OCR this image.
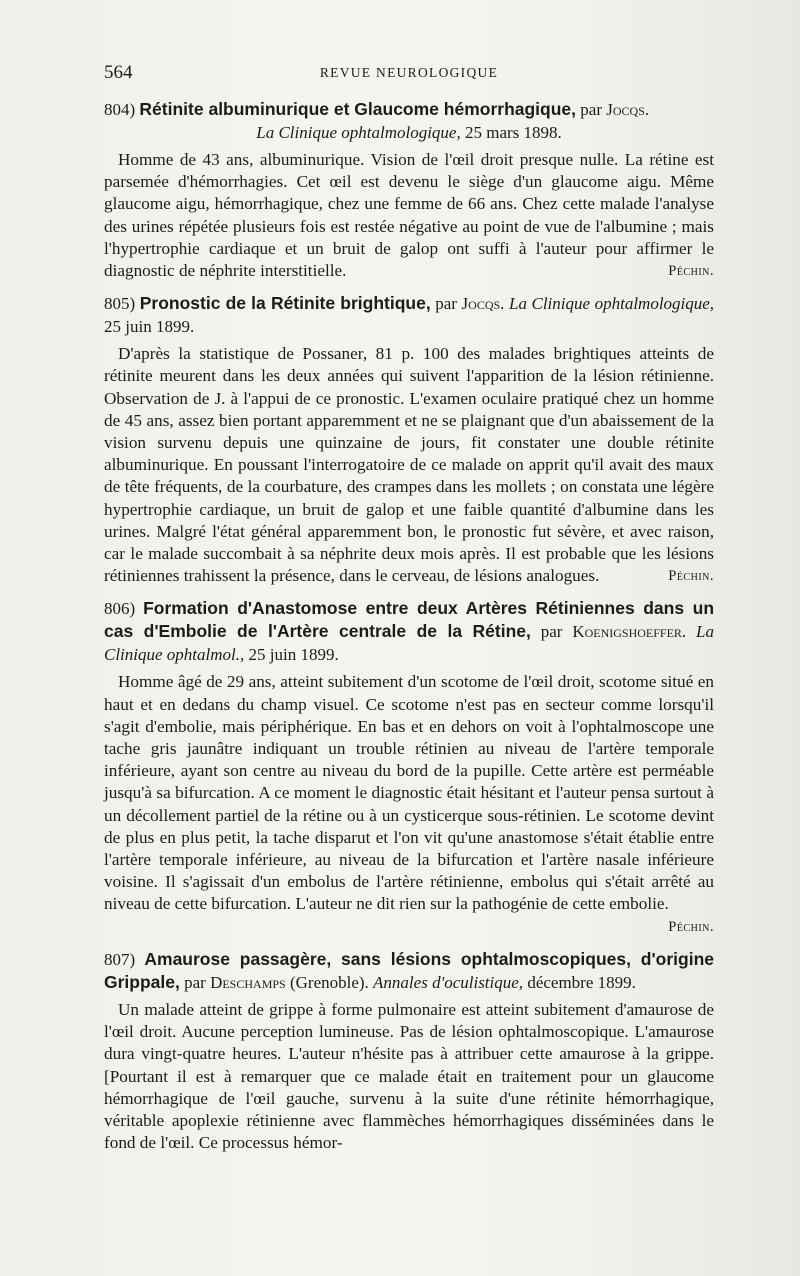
564	REVUE NEUROLOGIQUE
804) Rétinite albuminurique et Glaucome hémorrhagique, par Jocqs.
La Clinique ophtalmologique, 25 mars 1898.
Homme de 43 ans, albuminurique. Vision de l'œil droit presque nulle. La rétine est parsemée d'hémorrhagies. Cet œil est devenu le siège d'un glaucome aigu. Même glaucome aigu, hémorrhagique, chez une femme de 66 ans. Chez cette malade l'analyse des urines répétée plusieurs fois est restée négative au point de vue de l'albumine ; mais l'hypertrophie cardiaque et un bruit de galop ont suffi à l'auteur pour affirmer le diagnostic de néphrite interstitielle.	Péchin.
805) Pronostic de la Rétinite brightique, par Jocqs. La Clinique ophtalmologique, 25 juin 1899.
D'après la statistique de Possaner, 81 p. 100 des malades brightiques atteints de rétinite meurent dans les deux années qui suivent l'apparition de la lésion rétinienne. Observation de J. à l'appui de ce pronostic. L'examen oculaire pratiqué chez un homme de 45 ans, assez bien portant apparemment et ne se plaignant que d'un abaissement de la vision survenu depuis une quinzaine de jours, fit constater une double rétinite albuminurique. En poussant l'interrogatoire de ce malade on apprit qu'il avait des maux de tête fréquents, de la courbature, des crampes dans les mollets ; on constata une légère hypertrophie cardiaque, un bruit de galop et une faible quantité d'albumine dans les urines. Malgré l'état général apparemment bon, le pronostic fut sévère, et avec raison, car le malade succombait à sa néphrite deux mois après. Il est probable que les lésions rétiniennes trahissent la présence, dans le cerveau, de lésions analogues.	Péchin.
806) Formation d'Anastomose entre deux Artères Rétiniennes dans un cas d'Embolie de l'Artère centrale de la Rétine, par Koenigshoeffer. La Clinique ophtalmol., 25 juin 1899.
Homme âgé de 29 ans, atteint subitement d'un scotome de l'œil droit, scotome situé en haut et en dedans du champ visuel. Ce scotome n'est pas en secteur comme lorsqu'il s'agit d'embolie, mais périphérique. En bas et en dehors on voit à l'ophtalmoscope une tache gris jaunâtre indiquant un trouble rétinien au niveau de l'artère temporale inférieure, ayant son centre au niveau du bord de la pupille. Cette artère est perméable jusqu'à sa bifurcation. A ce moment le diagnostic était hésitant et l'auteur pensa surtout à un décollement partiel de la rétine ou à un cysticerque sous-rétinien. Le scotome devint de plus en plus petit, la tache disparut et l'on vit qu'une anastomose s'était établie entre l'artère temporale inférieure, au niveau de la bifurcation et l'artère nasale inférieure voisine. Il s'agissait d'un embolus de l'artère rétinienne, embolus qui s'était arrêté au niveau de cette bifurcation. L'auteur ne dit rien sur la pathogénie de cette embolie.
Péchin.
807) Amaurose passagère, sans lésions ophtalmoscopiques, d'origine Grippale, par Deschamps (Grenoble). Annales d'oculistique, décembre 1899.
Un malade atteint de grippe à forme pulmonaire est atteint subitement d'amaurose de l'œil droit. Aucune perception lumineuse. Pas de lésion ophtalmoscopique. L'amaurose dura vingt-quatre heures. L'auteur n'hésite pas à attribuer cette amaurose à la grippe. [Pourtant il est à remarquer que ce malade était en traitement pour un glaucome hémorrhagique de l'œil gauche, survenu à la suite d'une rétinite hémorrhagique, véritable apoplexie rétinienne avec flammèches hémorrhagiques disséminées dans le fond de l'œil. Ce processus hémor-
